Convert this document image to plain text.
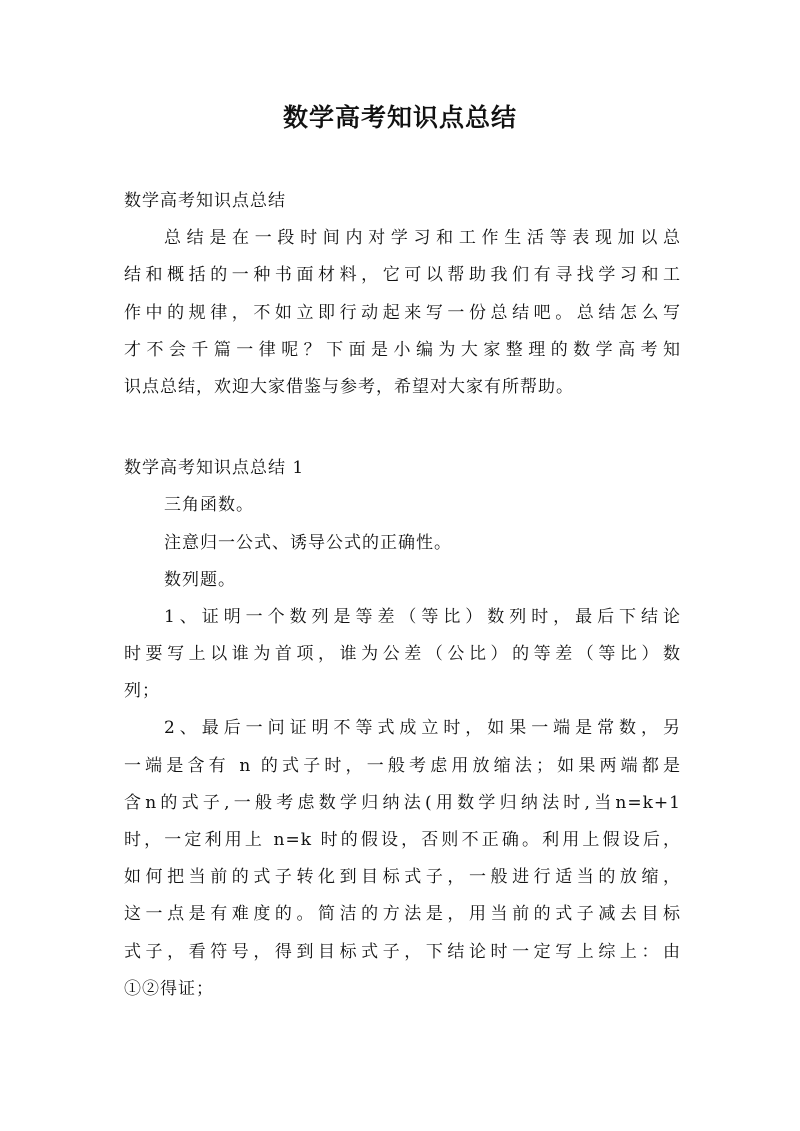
数学高考知识点总结
数学高考知识点总结
总结是在一段时间内对学习和工作生活等表现加以总
结和概括的一种书面材料，它可以帮助我们有寻找学习和工
作中的规律，不如立即行动起来写一份总结吧。总结怎么写
才不会千篇一律呢？下面是小编为大家整理的数学高考知
识点总结，欢迎大家借鉴与参考，希望对大家有所帮助。
数学高考知识点总结 1
三角函数。
注意归一公式、诱导公式的正确性。
数列题。
1、证明一个数列是等差（等比）数列时，最后下结论
时要写上以谁为首项，谁为公差（公比）的等差（等比）数
列；
2、最后一问证明不等式成立时，如果一端是常数，另
一端是含有 n 的式子时，一般考虑用放缩法；如果两端都是
含n的式子,一般考虑数学归纳法(用数学归纳法时,当n=k+1
时，一定利用上 n=k 时的假设，否则不正确。利用上假设后，
如何把当前的式子转化到目标式子，一般进行适当的放缩，
这一点是有难度的。简洁的方法是，用当前的式子减去目标
式子，看符号，得到目标式子，下结论时一定写上综上：由
①②得证；
